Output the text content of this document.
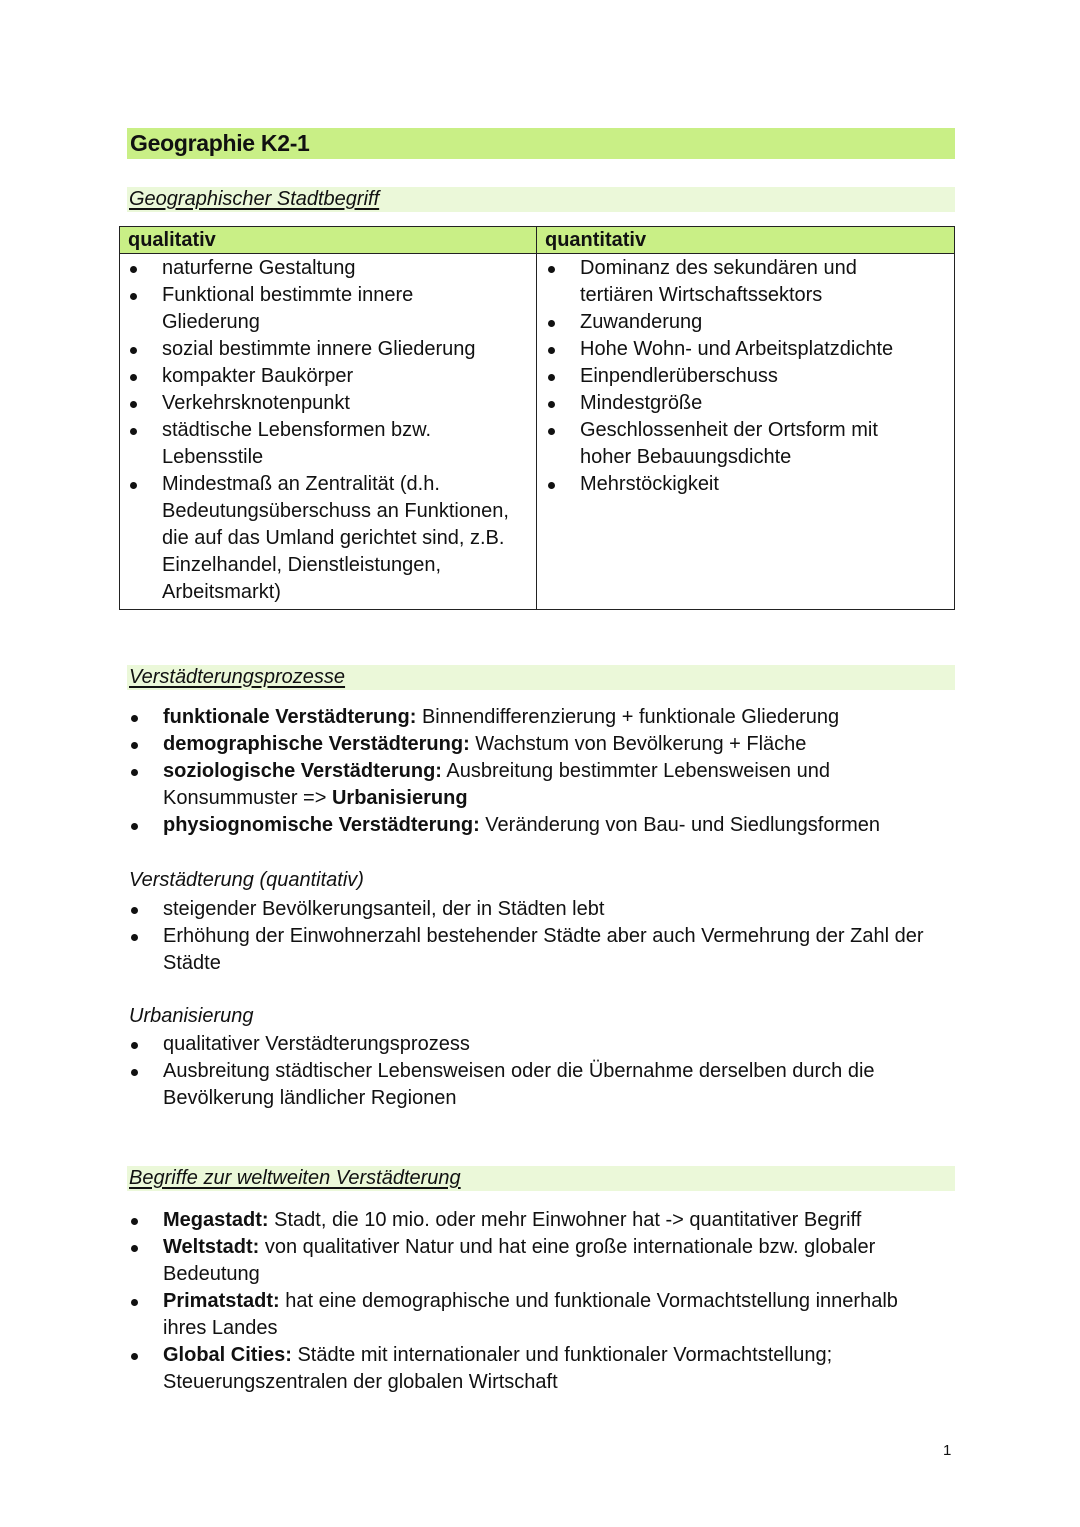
Geographie K2-1
Geographischer Stadtbegriff
qualitativ	quantitativ
naturferne Gestaltung
Funktional bestimmte innere Gliederung
sozial bestimmte innere Gliederung
kompakter Baukörper
Verkehrsknotenpunkt
städtische Lebensformen bzw. Lebensstile
Mindestmaß an Zentralität (d.h. Bedeutungsüberschuss an Funktionen, die auf das Umland gerichtet sind, z.B. Einzelhandel, Dienstleistungen, Arbeitsmarkt)
Dominanz des sekundären und tertiären Wirtschaftssektors
Zuwanderung
Hohe Wohn- und Arbeitsplatzdichte
Einpendlerüberschuss
Mindestgröße
Geschlossenheit der Ortsform mit hoher Bebauungsdichte
Mehrstöckigkeit
Verstädterungsprozesse
funktionale Verstädterung: Binnendifferenzierung + funktionale Gliederung
demographische Verstädterung: Wachstum von Bevölkerung + Fläche
soziologische Verstädterung: Ausbreitung bestimmter Lebensweisen und Konsummuster => Urbanisierung
physiognomische Verstädterung: Veränderung von Bau- und Siedlungsformen
Verstädterung (quantitativ)
steigender Bevölkerungsanteil, der in Städten lebt
Erhöhung der Einwohnerzahl bestehender Städte aber auch Vermehrung der Zahl der Städte
Urbanisierung
qualitativer Verstädterungsprozess
Ausbreitung städtischer Lebensweisen oder die Übernahme derselben durch die Bevölkerung ländlicher Regionen
Begriffe zur weltweiten Verstädterung
Megastadt: Stadt, die 10 mio. oder mehr Einwohner hat -> quantitativer Begriff
Weltstadt: von qualitativer Natur und hat eine große internationale bzw. globaler Bedeutung
Primatstadt: hat eine demographische und funktionale Vormachtstellung innerhalb ihres Landes
Global Cities: Städte mit internationaler und funktionaler Vormachtstellung; Steuerungszentralen der globalen Wirtschaft
1
